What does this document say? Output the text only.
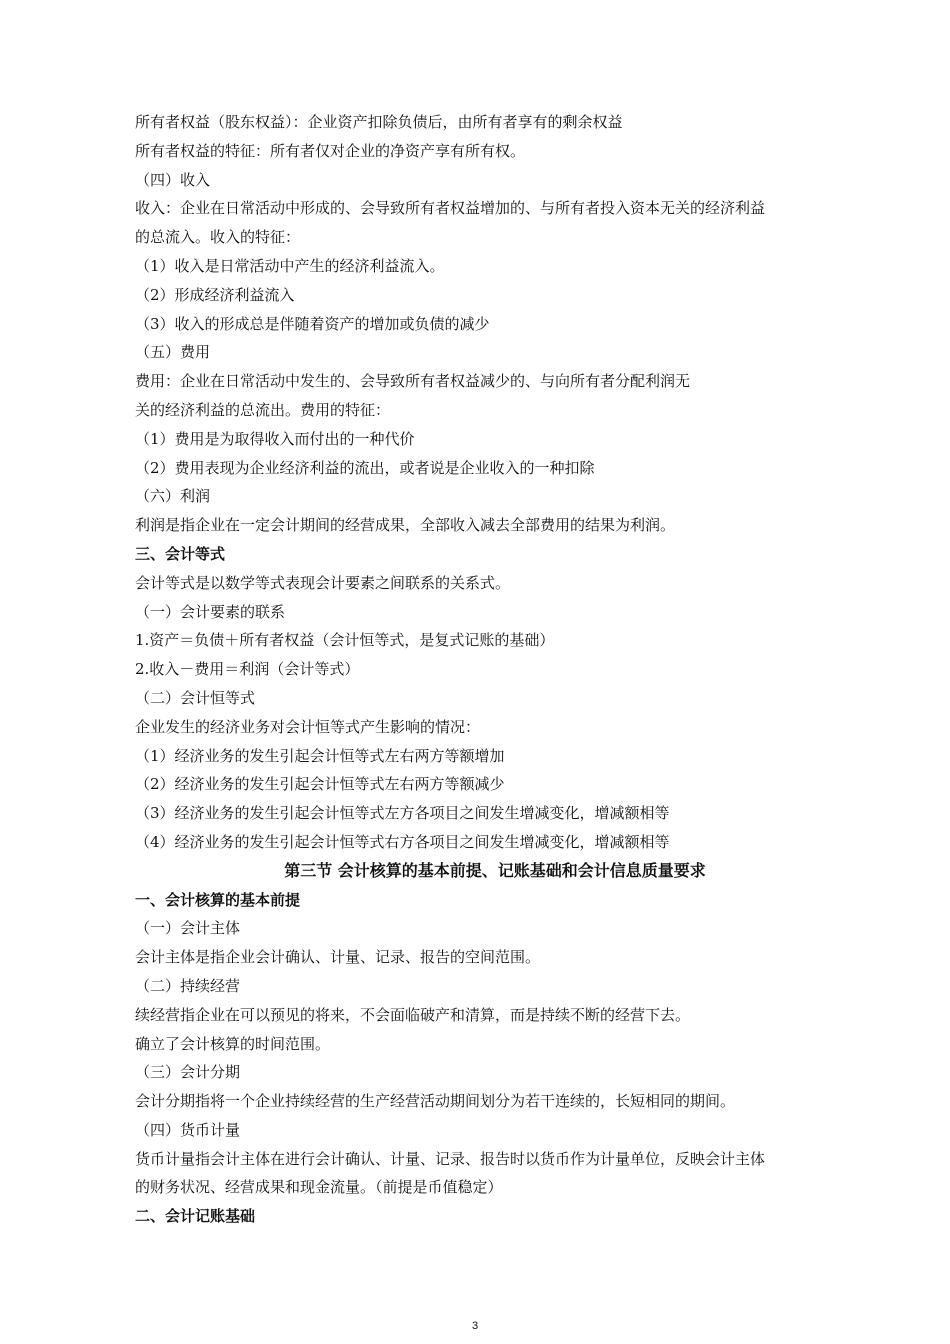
所有者权益（股东权益）：企业资产扣除负债后，由所有者享有的剩余权益
所有者权益的特征：所有者仅对企业的净资产享有所有权。
（四）收入
收入：企业在日常活动中形成的、会导致所有者权益增加的、与所有者投入资本无关的经济利益
的总流入。收入的特征：
（1）收入是日常活动中产生的经济利益流入。
（2）形成经济利益流入
（3）收入的形成总是伴随着资产的增加或负债的减少
（五）费用
费用：企业在日常活动中发生的、会导致所有者权益减少的、与向所有者分配利润无
关的经济利益的总流出。费用的特征：
（1）费用是为取得收入而付出的一种代价
（2）费用表现为企业经济利益的流出，或者说是企业收入的一种扣除
（六）利润
利润是指企业在一定会计期间的经营成果，全部收入减去全部费用的结果为利润。
三、会计等式
会计等式是以数学等式表现会计要素之间联系的关系式。
（一）会计要素的联系
1.资产＝负债＋所有者权益（会计恒等式，是复式记账的基础）
2.收入－费用＝利润（会计等式）
（二）会计恒等式
企业发生的经济业务对会计恒等式产生影响的情况：
（1）经济业务的发生引起会计恒等式左右两方等额增加
（2）经济业务的发生引起会计恒等式左右两方等额减少
（3）经济业务的发生引起会计恒等式左方各项目之间发生增减变化，增减额相等
（4）经济业务的发生引起会计恒等式右方各项目之间发生增减变化，增减额相等
第三节 会计核算的基本前提、记账基础和会计信息质量要求
一、会计核算的基本前提
（一）会计主体
会计主体是指企业会计确认、计量、记录、报告的空间范围。
（二）持续经营
续经营指企业在可以预见的将来，不会面临破产和清算，而是持续不断的经营下去。
确立了会计核算的时间范围。
（三）会计分期
会计分期指将一个企业持续经营的生产经营活动期间划分为若干连续的，长短相同的期间。
（四）货币计量
货币计量指会计主体在进行会计确认、计量、记录、报告时以货币作为计量单位，反映会计主体
的财务状况、经营成果和现金流量。（前提是币值稳定）
二、会计记账基础
3
